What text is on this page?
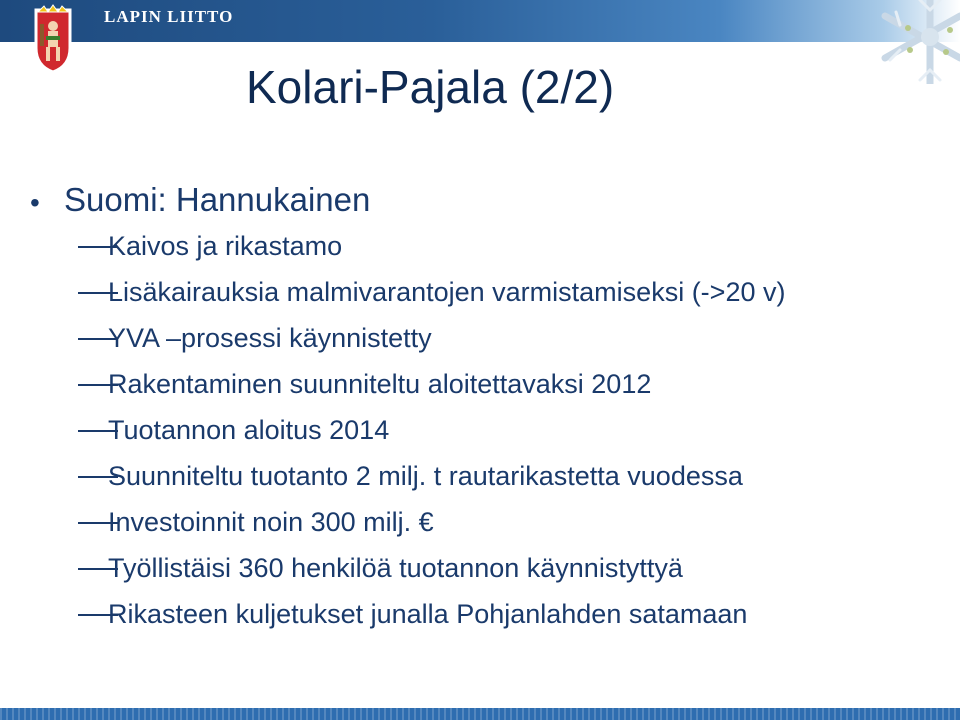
LAPIN LIITTO
Kolari-Pajala (2/2)
• Suomi: Hannukainen
Kaivos ja rikastamo
Lisäkairauksia malmivarantojen varmistamiseksi (->20 v)
YVA –prosessi käynnistetty
Rakentaminen suunniteltu aloitettavaksi 2012
Tuotannon aloitus 2014
Suunniteltu tuotanto 2 milj. t rautarikastetta vuodessa
Investoinnit noin 300 milj. €
Työllistäisi 360 henkilöä tuotannon käynnistyttyä
Rikasteen kuljetukset junalla Pohjanlahden satamaan
